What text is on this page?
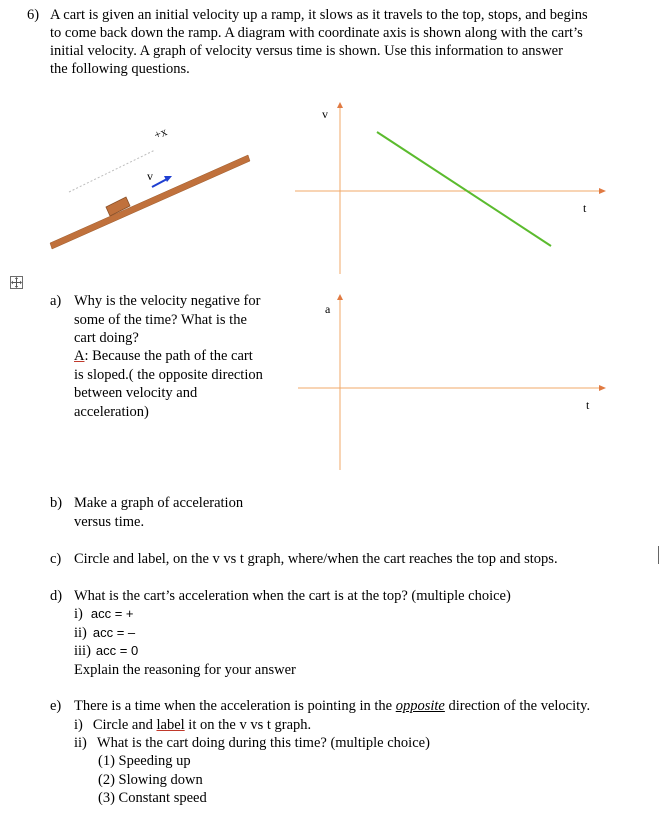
6) A cart is given an initial velocity up a ramp, it slows as it travels to the top, stops, and begins
to come back down the ramp. A diagram with coordinate axis is shown along with the cart’s
initial velocity. A graph of velocity versus time is shown. Use this information to answer
the following questions.
+x
v
v
t
a) Why is the velocity negative for
some of the time? What is the
cart doing?
A: Because the path of the cart
is sloped.( the opposite direction
between velocity and
acceleration)
a
t
b) Make a graph of acceleration
versus time.
c) Circle and label, on the v vs t graph, where/when the cart reaches the top and stops.
d) What is the cart’s acceleration when the cart is at the top? (multiple choice)
i) acc = +
ii) acc = –
iii) acc = 0
Explain the reasoning for your answer
e) There is a time when the acceleration is pointing in the opposite direction of the velocity.
i) Circle and label it on the v vs t graph.
ii) What is the cart doing during this time? (multiple choice)
(1) Speeding up
(2) Slowing down
(3) Constant speed
